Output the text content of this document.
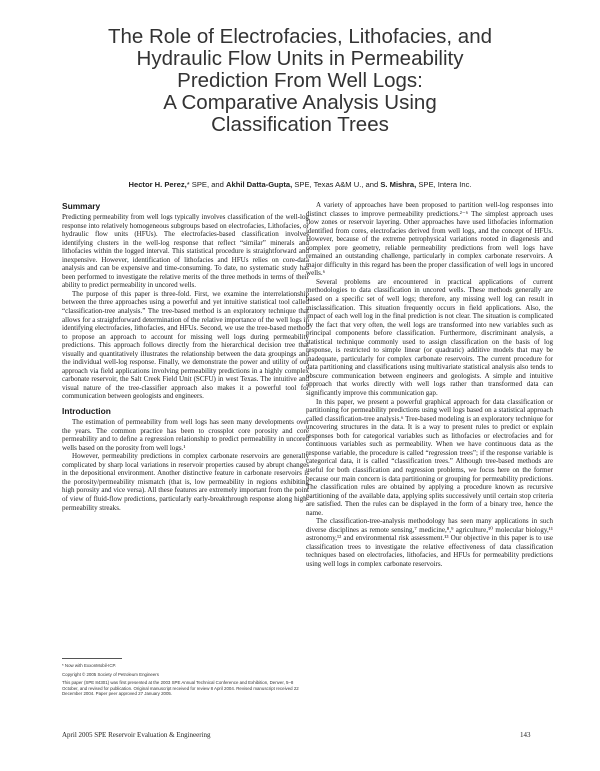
The Role of Electrofacies, Lithofacies, and
Hydraulic Flow Units in Permeability
Prediction From Well Logs:
A Comparative Analysis Using
Classification Trees
Hector H. Perez,* SPE, and Akhil Datta-Gupta, SPE, Texas A&M U., and S. Mishra, SPE, Intera Inc.
Summary

Predicting permeability from well logs typically involves classification of the well-log response into relatively homogeneous subgroups based on electrofacies, Lithofacies, or hydraulic flow units (HFUs). The electrofacies-based classification involves identifying clusters in the well-log response that reflect “similar” minerals and lithofacies within the logged interval. This statistical procedure is straightforward and inexpensive. However, identification of lithofacies and HFUs relies on core-data analysis and can be expensive and time-consuming. To date, no systematic study has been performed to investigate the relative merits of the three methods in terms of their ability to predict permeability in uncored wells.

The purpose of this paper is three-fold. First, we examine the interrelationship between the three approaches using a powerful and yet intuitive statistical tool called “classification-tree analysis.” The tree-based method is an exploratory technique that allows for a straightforward determination of the relative importance of the well logs in identifying electrofacies, lithofacies, and HFUs. Second, we use the tree-based method to propose an approach to account for missing well logs during permeability predictions. This approach follows directly from the hierarchical decision tree that visually and quantitatively illustrates the relationship between the data groupings and the individual well-log response. Finally, we demonstrate the power and utility of our approach via field applications involving permeability predictions in a highly complex carbonate reservoir, the Salt Creek Field Unit (SCFU) in west Texas. The intuitive and visual nature of the tree-classifier approach also makes it a powerful tool for communication between geologists and engineers.

Introduction

The estimation of permeability from well logs has seen many developments over the years. The common practice has been to crossplot core porosity and core permeability and to define a regression relationship to predict permeability in uncored wells based on the porosity from well logs.¹

However, permeability predictions in complex carbonate reservoirs are generally complicated by sharp local variations in reservoir properties caused by abrupt changes in the depositional environment. Another distinctive feature in carbonate reservoirs is the porosity/permeability mismatch (that is, low permeability in regions exhibiting high porosity and vice versa). All these features are extremely important from the point of view of fluid-flow predictions, particularly early-breakthrough response along high-permeability streaks.

A variety of approaches have been proposed to partition well-log responses into distinct classes to improve permeability predictions.²⁻⁶ The simplest approach uses flow zones or reservoir layering. Other approaches have used lithofacies information identified from cores, electrofacies derived from well logs, and the concept of HFUs. However, because of the extreme petrophysical variations rooted in diagenesis and complex pore geometry, reliable permeability predictions from well logs have remained an outstanding challenge, particularly in complex carbonate reservoirs. A major difficulty in this regard has been the proper classification of well logs in uncored wells.⁶

Several problems are encountered in practical applications of current methodologies to data classification in uncored wells. These methods generally are based on a specific set of well logs; therefore, any missing well log can result in misclassification. This situation frequently occurs in field applications. Also, the impact of each well log in the final prediction is not clear. The situation is complicated by the fact that very often, the well logs are transformed into new variables such as principal components before classification. Furthermore, discriminant analysis, a statistical technique commonly used to assign classification on the basis of log response, is restricted to simple linear (or quadratic) additive models that may be inadequate, particularly for complex carbonate reservoirs. The current procedure for data partitioning and classifications using multivariate statistical analysis also tends to obscure communication between engineers and geologists. A simple and intuitive approach that works directly with well logs rather than transformed data can significantly improve this communication gap.

In this paper, we present a powerful graphical approach for data classification or partitioning for permeability predictions using well logs based on a statistical approach called classification-tree analysis.⁶ Tree-based modeling is an exploratory technique for uncovering structures in the data. It is a way to present rules to predict or explain responses both for categorical variables such as lithofacies or electrofacies and for continuous variables such as permeability. When we have continuous data as the response variable, the procedure is called “regression trees”; if the response variable is categorical data, it is called “classification trees.” Although tree-based methods are useful for both classification and regression problems, we focus here on the former because our main concern is data partitioning or grouping for permeability predictions. The classification rules are obtained by applying a procedure known as recursive partitioning of the available data, applying splits successively until certain stop criteria are satisfied. Then the rules can be displayed in the form of a binary tree, hence the name.

The classification-tree-analysis methodology has seen many applications in such diverse disciplines as remote sensing,⁷ medicine,⁸,⁹ agriculture,¹⁰ molecular biology,¹¹ astronomy,¹² and environmental risk assessment.¹³ Our objective in this paper is to use classification trees to investigate the relative effectiveness of data classification techniques based on electrofacies, lithofacies, and HFUs for permeability predictions using well logs in complex carbonate reservoirs.

* Now with ExxonMobil-ICP.
Copyright © 2005 Society of Petroleum Engineers
This paper (SPE 84301) was first presented at the 2003 SPE Annual Technical Conference and Exhibition, Denver, 5–8 October, and revised for publication. Original manuscript received for review 8 April 2004. Revised manuscript received 22 December 2004. Paper peer approved 27 January 2005.
April 2005 SPE Reservoir Evaluation & Engineering	143
